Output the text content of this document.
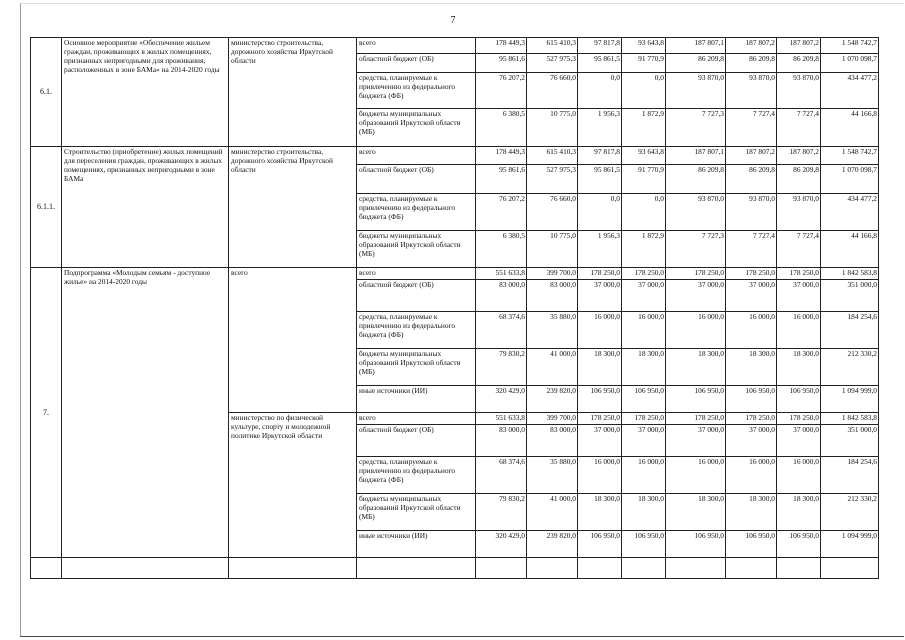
7
6.1.	Основное мероприятие «Обеспечение жильем граждан, проживающих в жилых помещениях, признанных непригодными для проживания, расположенных в зоне БАМа» на 2014-2020 годы	министерство строительства, дорожного хозяйства Иркутской области	всего	178 449,3	615 410,3	97 817,8	93 643,8	187 807,1	187 807,2	187 807,2	1 548 742,7
			областной бюджет (ОБ)	95 861,6	527 975,3	95 861,5	91 770,9	86 209,8	86 209,8	86 209,8	1 070 098,7
			средства, планируемые к привлечению из федерального бюджета (ФБ)	76 207,2	76 660,0	0,0	0,0	93 870,0	93 870,0	93 870,0	434 477,2
			бюджеты муниципальных образований Иркутской области (МБ)	6 380,5	10 775,0	1 956,3	1 872,9	7 727,3	7 727,4	7 727,4	44 166,8
6.1.1.	Строительство (приобретение) жилых помещений для переселения граждан, проживающих в жилых помещениях, признанных непригодными в зоне БАМа	министерство строительства, дорожного хозяйства Иркутской области	всего	178 449,3	615 410,3	97 817,8	93 643,8	187 807,1	187 807,2	187 807,2	1 548 742,7
			областной бюджет (ОБ)	95 861,6	527 975,3	95 861,5	91 770,9	86 209,8	86 209,8	86 209,8	1 070 098,7
			средства, планируемые к привлечению из федерального бюджета (ФБ)	76 207,2	76 660,0	0,0	0,0	93 870,0	93 870,0	93 870,0	434 477,2
			бюджеты муниципальных образований Иркутской области (МБ)	6 380,5	10 775,0	1 956,3	1 872,9	7 727,3	7 727,4	7 727,4	44 166,8
7.	Подпрограмма «Молодым семьям - доступное жилье» на 2014-2020 годы	всего	всего	551 633,8	399 700,0	178 250,0	178 250,0	178 250,0	178 250,0	178 250,0	1 842 583,8
			областной бюджет (ОБ)	83 000,0	83 000,0	37 000,0	37 000,0	37 000,0	37 000,0	37 000,0	351 000,0
			средства, планируемые к привлечению из федерального бюджета (ФБ)	68 374,6	35 880,0	16 000,0	16 000,0	16 000,0	16 000,0	16 000,0	184 254,6
			бюджеты муниципальных образований Иркутской области (МБ)	79 830,2	41 000,0	18 300,0	18 300,0	18 300,0	18 300,0	18 300,0	212 330,2
			иные источники (ИИ)	320 429,0	239 820,0	106 950,0	106 950,0	106 950,0	106 950,0	106 950,0	1 094 999,0
		министерство по физической культуре, спорту и молодежной политике Иркутской области	всего	551 633,8	399 700,0	178 250,0	178 250,0	178 250,0	178 250,0	178 250,0	1 842 583,8
			областной бюджет (ОБ)	83 000,0	83 000,0	37 000,0	37 000,0	37 000,0	37 000,0	37 000,0	351 000,0
			средства, планируемые к привлечению из федерального бюджета (ФБ)	68 374,6	35 880,0	16 000,0	16 000,0	16 000,0	16 000,0	16 000,0	184 254,6
			бюджеты муниципальных образований Иркутской области (МБ)	79 830,2	41 000,0	18 300,0	18 300,0	18 300,0	18 300,0	18 300,0	212 330,2
			иные источники (ИИ)	320 429,0	239 820,0	106 950,0	106 950,0	106 950,0	106 950,0	106 950,0	1 094 999,0
